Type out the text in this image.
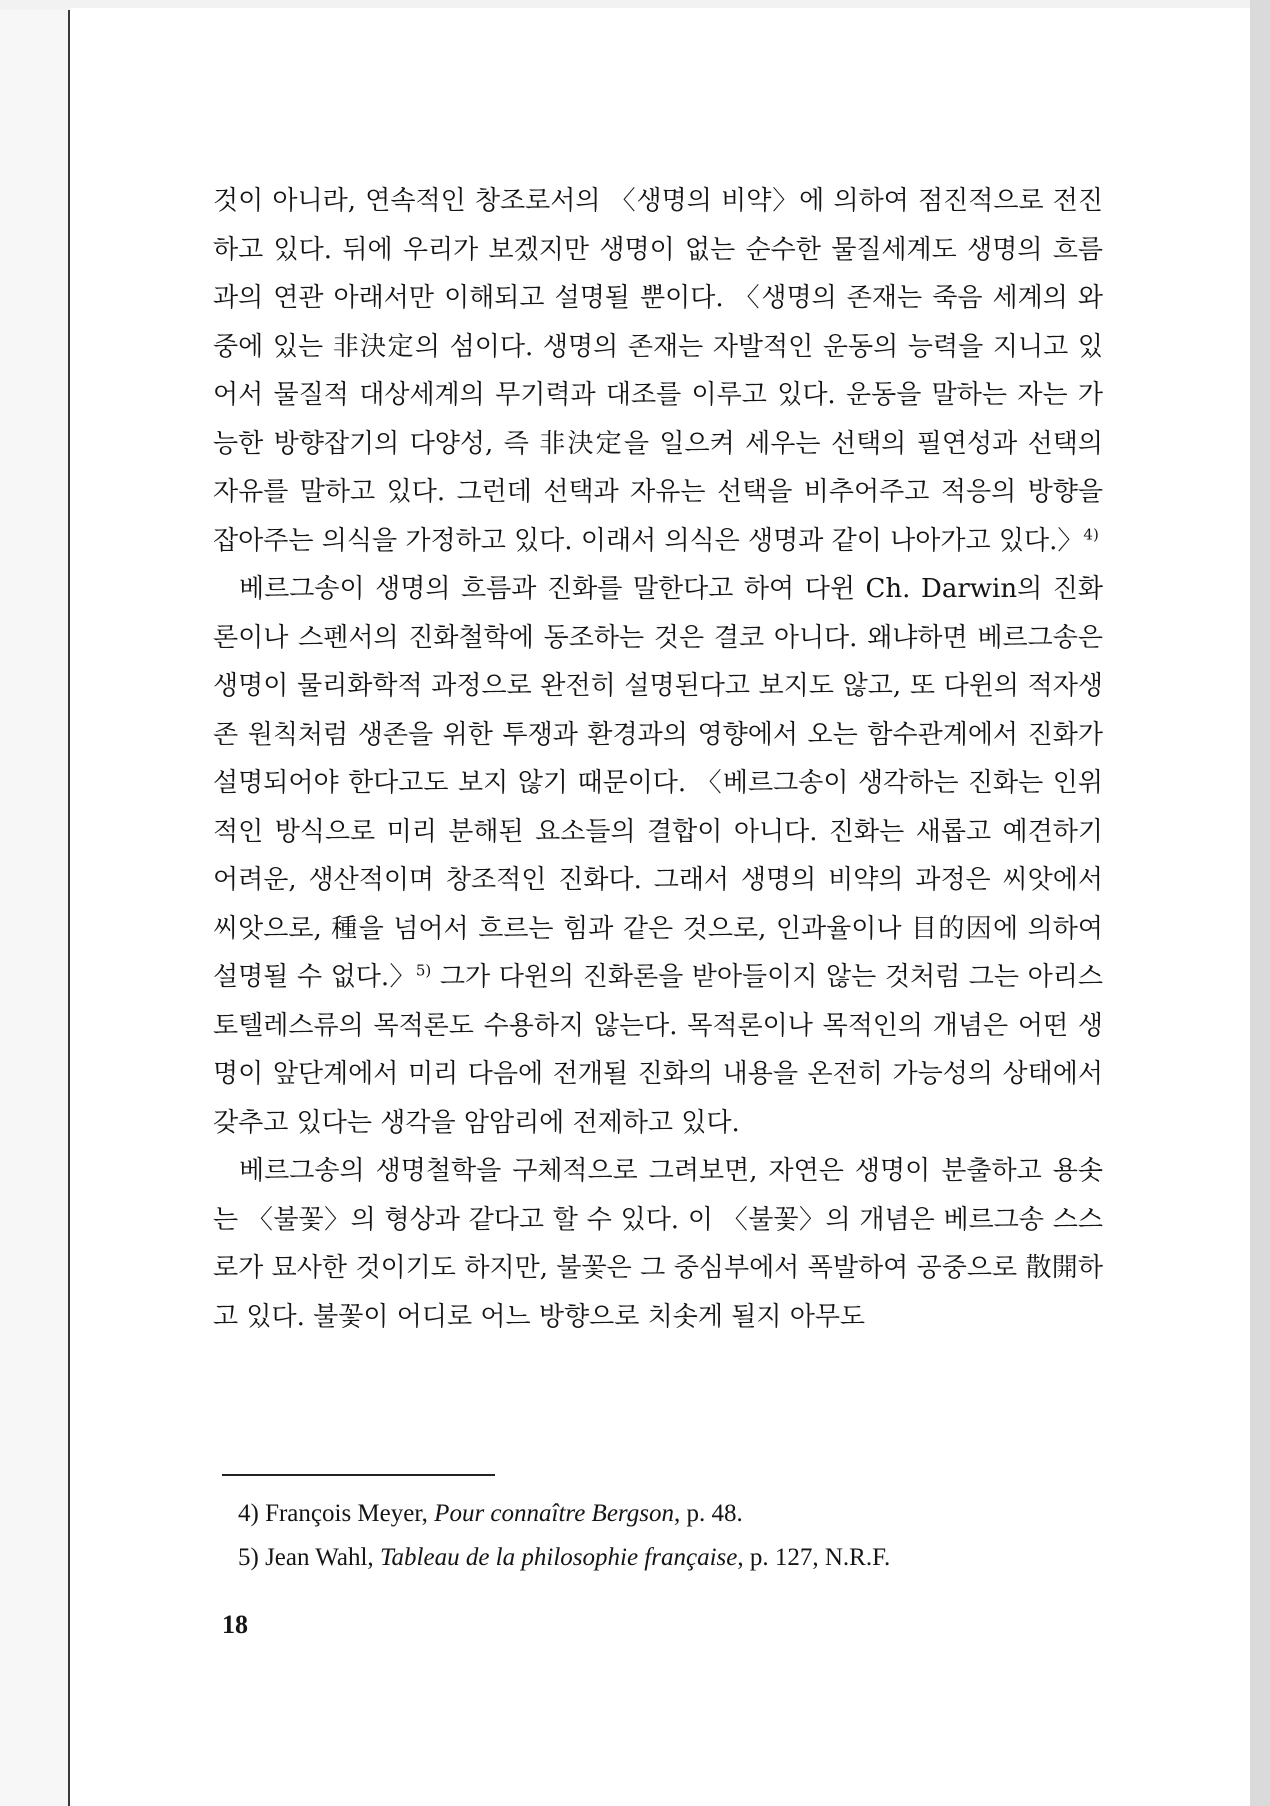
것이 아니라, 연속적인 창조로서의 〈생명의 비약〉에 의하여 점진적으로 전진하고 있다. 뒤에 우리가 보겠지만 생명이 없는 순수한 물질세계도 생명의 흐름과의 연관 아래서만 이해되고 설명될 뿐이다. 〈생명의 존재는 죽음 세계의 와중에 있는 非決定의 섬이다. 생명의 존재는 자발적인 운동의 능력을 지니고 있어서 물질적 대상세계의 무기력과 대조를 이루고 있다. 운동을 말하는 자는 가능한 방향잡기의 다양성, 즉 非決定을 일으켜 세우는 선택의 필연성과 선택의 자유를 말하고 있다. 그런데 선택과 자유는 선택을 비추어주고 적응의 방향을 잡아주는 의식을 가정하고 있다. 이래서 의식은 생명과 같이 나아가고 있다.〉$^{4)}$

베르그송이 생명의 흐름과 진화를 말한다고 하여 다윈 Ch. Darwin의 진화론이나 스펜서의 진화철학에 동조하는 것은 결코 아니다. 왜냐하면 베르그송은 생명이 물리화학적 과정으로 완전히 설명된다고 보지도 않고, 또 다윈의 적자생존 원칙처럼 생존을 위한 투쟁과 환경과의 영향에서 오는 함수관계에서 진화가 설명되어야 한다고도 보지 않기 때문이다. 〈베르그송이 생각하는 진화는 인위적인 방식으로 미리 분해된 요소들의 결합이 아니다. 진화는 새롭고 예견하기 어려운, 생산적이며 창조적인 진화다. 그래서 생명의 비약의 과정은 씨앗에서 씨앗으로, 種을 넘어서 흐르는 힘과 같은 것으로, 인과율이나 目的因에 의하여 설명될 수 없다.〉$^{5)}$ 그가 다윈의 진화론을 받아들이지 않는 것처럼 그는 아리스토텔레스류의 목적론도 수용하지 않는다. 목적론이나 목적인의 개념은 어떤 생명이 앞단계에서 미리 다음에 전개될 진화의 내용을 온전히 가능성의 상태에서 갖추고 있다는 생각을 암암리에 전제하고 있다.

베르그송의 생명철학을 구체적으로 그려보면, 자연은 생명이 분출하고 용솟는 〈불꽃〉의 형상과 같다고 할 수 있다. 이 〈불꽃〉의 개념은 베르그송 스스로가 묘사한 것이기도 하지만, 불꽃은 그 중심부에서 폭발하여 공중으로 散開하고 있다. 불꽃이 어디로 어느 방향으로 치솟게 될지 아무도

4) François Meyer, Pour connaître Bergson, p. 48.
5) Jean Wahl, Tableau de la philosophie française, p. 127, N.R.F.
18
